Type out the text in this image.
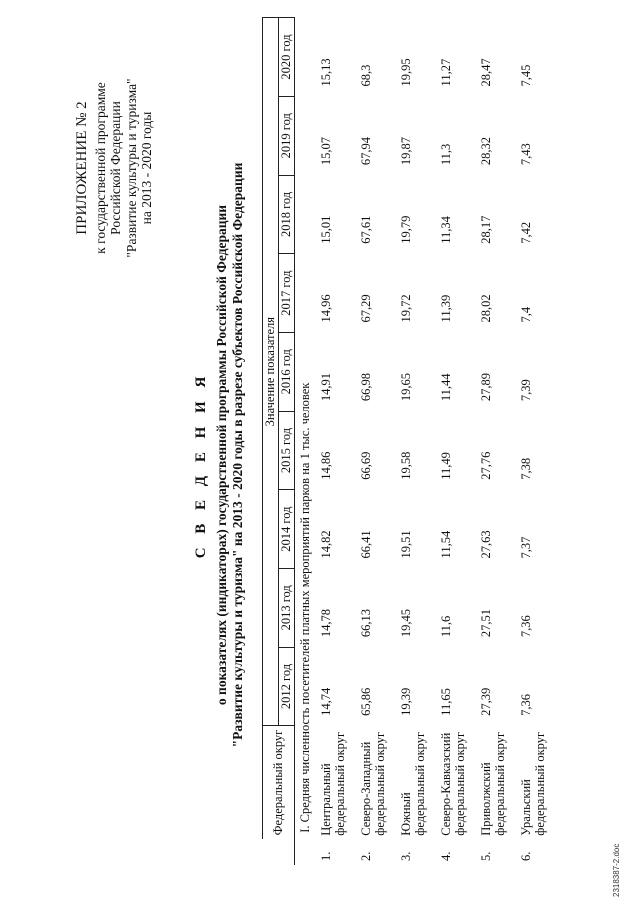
ПРИЛОЖЕНИЕ № 2 к государственной программе Российской Федерации "Развитие культуры и туризма" на 2013 - 2020 годы
С В Е Д Е Н И Я о показателях (индикаторах) государственной программы Российской Федерации "Развитие культуры и туризма" на 2013 - 2020 годы в разрезе субъектов Российской Федерации
	Федеральный округ	Значение показателя								
		2012 год	2013 год	2014 год	2015 год	2016 год	2017 год	2018 год	2019 год	2020 год
	I. Средняя численность посетителей платных мероприятий парков на 1 тыс. человек									
1.	Центральный федеральный округ	14,74	14,78	14,82	14,86	14,91	14,96	15,01	15,07	15,13
2.	Северо-Западный федеральный округ	65,86	66,13	66,41	66,69	66,98	67,29	67,61	67,94	68,3
3.	Южный федеральный округ	19,39	19,45	19,51	19,58	19,65	19,72	19,79	19,87	19,95
4.	Северо-Кавказский федеральный округ	11,65	11,6	11,54	11,49	11,44	11,39	11,34	11,3	11,27
5.	Приволжский федеральный округ	27,39	27,51	27,63	27,76	27,89	28,02	28,17	28,32	28,47
6.	Уральский федеральный округ	7,36	7,36	7,37	7,38	7,39	7,4	7,42	7,43	7,45
2318387-2.doc
